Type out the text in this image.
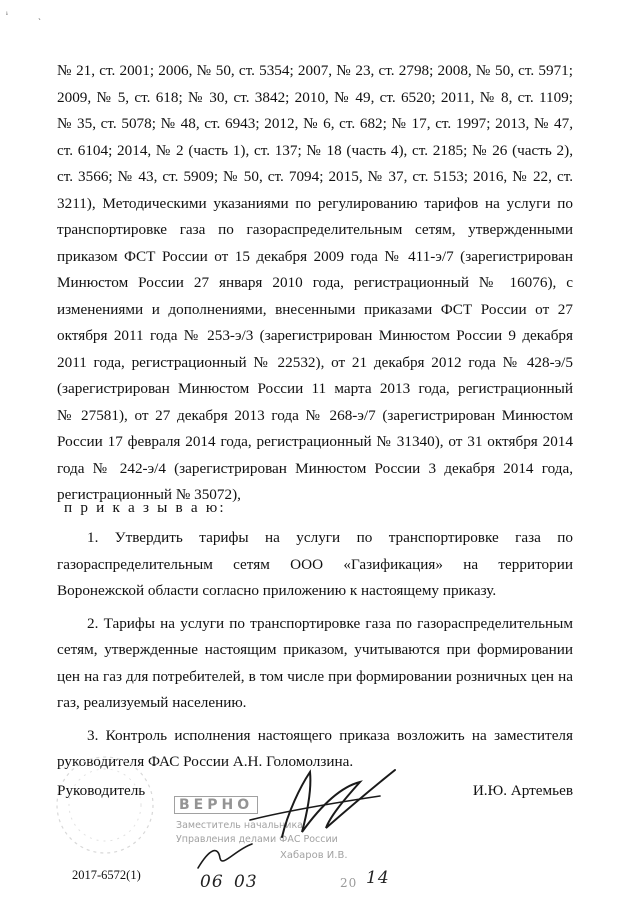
ⁱ ˎ
№ 21, ст. 2001; 2006, № 50, ст. 5354; 2007, № 23, ст. 2798; 2008, № 50, ст. 5971;
2009, № 5, ст. 618; № 30, ст. 3842; 2010, № 49, ст. 6520; 2011, № 8, ст. 1109;
№ 35, ст. 5078; № 48, ст. 6943; 2012, № 6, ст. 682; № 17, ст. 1997; 2013, № 47,
ст. 6104; 2014, № 2 (часть 1), ст. 137; № 18 (часть 4), ст. 2185; № 26 (часть 2),
ст. 3566; № 43, ст. 5909; № 50, ст. 7094; 2015, № 37, ст. 5153; 2016, № 22, ст.
3211), Методическими указаниями по регулированию тарифов на услуги по
транспортировке газа по газораспределительным сетям, утвержденными
приказом ФСТ России от 15 декабря 2009 года № 411-э/7 (зарегистрирован
Минюстом России 27 января 2010 года, регистрационный № 16076), с
изменениями и дополнениями, внесенными приказами ФСТ России от 27
октября 2011 года № 253-э/3 (зарегистрирован Минюстом России 9 декабря
2011 года, регистрационный № 22532), от 21 декабря 2012 года № 428-э/5
(зарегистрирован Минюстом России 11 марта 2013 года, регистрационный
№ 27581), от 27 декабря 2013 года № 268-э/7 (зарегистрирован Минюстом
России 17 февраля 2014 года, регистрационный № 31340), от 31 октября 2014
года № 242-э/4 (зарегистрирован Минюстом России 3 декабря 2014 года,
регистрационный № 35072),
п р и к а з ы в а ю:
1. Утвердить тарифы на услуги по транспортировке газа по
газораспределительным сетям ООО «Газификация» на территории
Воронежской области согласно приложению к настоящему приказу.
2. Тарифы на услуги по транспортировке газа по газораспределительным
сетям, утвержденные настоящим приказом, учитываются при формировании
цен на газ для потребителей, в том числе при формировании розничных цен на
газ, реализуемый населению.
3. Контроль исполнения настоящего приказа возложить на заместителя
руководителя ФАС России А.Н. Голомолзина.
Руководитель	И.Ю. Артемьев
ВЕРНО
Заместитель начальника
Управления делами ФАС России
Хабаров И.В.
06 03	20 14
2017-6572(1)
